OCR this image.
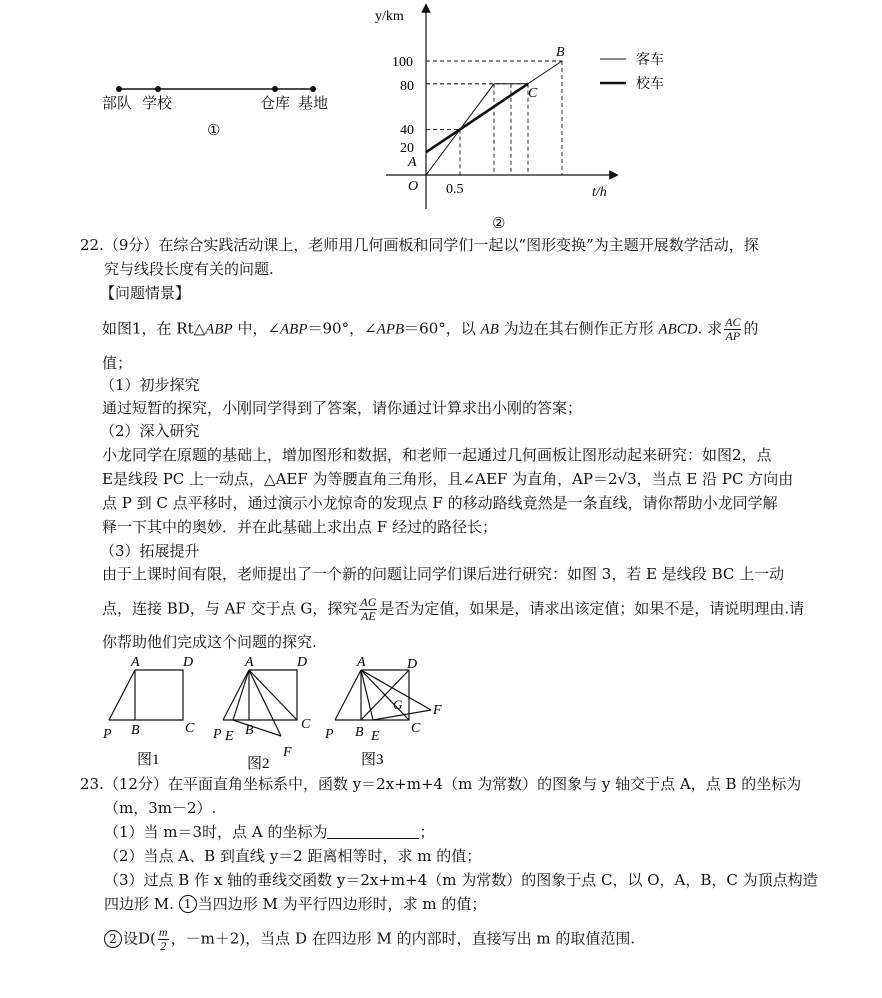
部队 学校	仓库 基地
①
y/km
t/h
O
100
80
40
20
0.5
A
B
C
客车
校车
②
22.（9分）在综合实践活动课上，老师用几何画板和同学们一起以“图形变换”为主题开展数学活动，探
究与线段长度有关的问题.
【问题情景】
如图1，在 Rt△ABP 中，∠ABP＝90°，∠APB＝60°，以 AB 为边在其右侧作正方形 ABCD. 求 $\frac{AC}{AP}$ 的
值；
（1）初步探究
通过短暂的探究，小刚同学得到了答案，请你通过计算求出小刚的答案；
（2）深入研究
小龙同学在原题的基础上，增加图形和数据，和老师一起通过几何画板让图形动起来研究：如图2，点
E是线段 PC 上一动点，△AEF 为等腰直角三角形，且∠AEF 为直角，AP＝2√3，当点 E 沿 PC 方向由
点 P 到 C 点平移时，通过演示小龙惊奇的发现点 F 的移动路线竟然是一条直线，请你帮助小龙同学解
释一下其中的奥妙．并在此基础上求出点 F 经过的路径长；
（3）拓展提升
由于上课时间有限，老师提出了一个新的问题让同学们课后进行研究：如图 3，若 E 是线段 BC 上一动
点，连接 BD，与 AF 交于点 G，探究 $\frac{AG}{AE}$ 是否为定值，如果是，请求出该定值；如果不是，请说明理由.请
你帮助他们完成这个问题的探究.
A	D
P B	C
图1
A	D
P E B	C
F
图2
A	D
G F
P B E
C
图3
23.（12分）在平面直角坐标系中，函数 y＝2x+m+4（m 为常数）的图象与 y 轴交于点 A，点 B 的坐标为
（m，3m－2）.
（1）当 m＝3时，点 A 的坐标为	；
（2）当点 A、B 到直线 y＝2 距离相等时，求 m 的值；
（3）过点 B 作 x 轴的垂线交函数 y＝2x+m+4（m 为常数）的图象于点 C，以 O，A，B，C 为顶点构造
四边形 M. 1 当四边形 M 为平行四边形时，求 m 的值；
2 设$D( \frac{m}{2}$ ，－m＋2)，当点 D 在四边形 M 的内部时，直接写出 m 的取值范围.
